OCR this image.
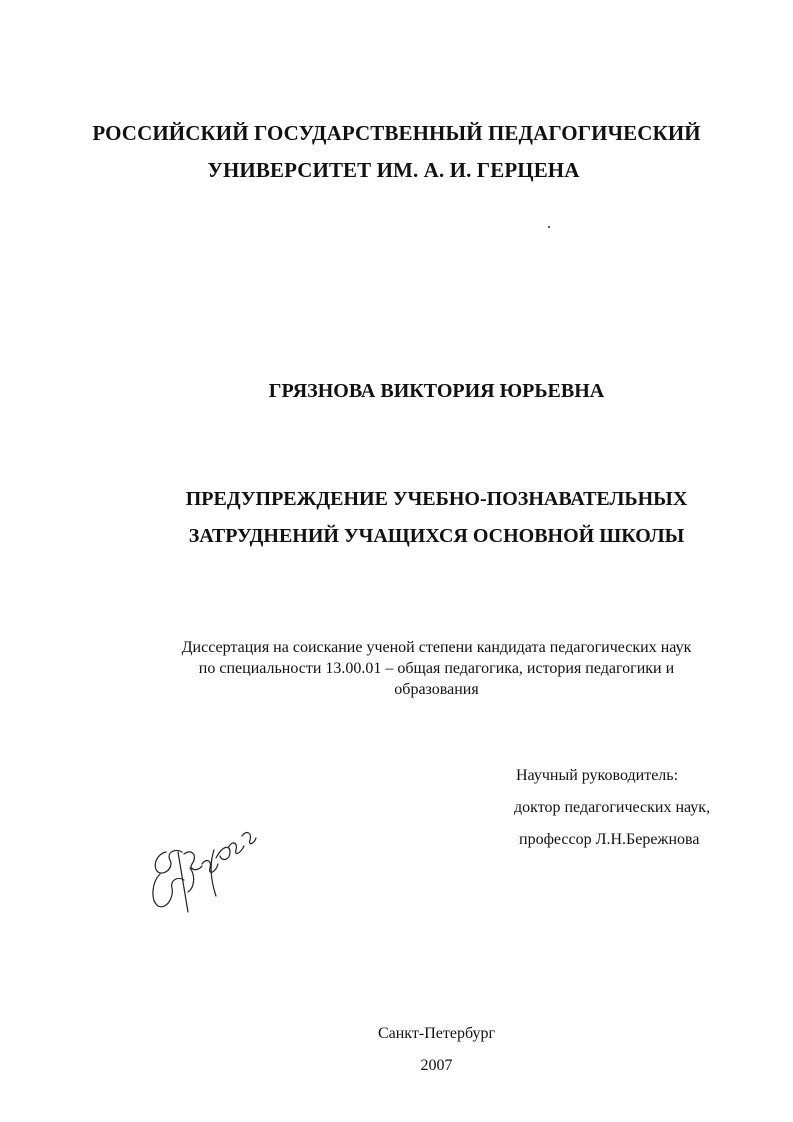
РОССИЙСКИЙ ГОСУДАРСТВЕННЫЙ ПЕДАГОГИЧЕСКИЙ
УНИВЕРСИТЕТ ИМ. А. И. ГЕРЦЕНА
ГРЯЗНОВА ВИКТОРИЯ ЮРЬЕВНА
ПРЕДУПРЕЖДЕНИЕ УЧЕБНО-ПОЗНАВАТЕЛЬНЫХ
ЗАТРУДНЕНИЙ УЧАЩИХСЯ ОСНОВНОЙ ШКОЛЫ
Диссертация на соискание ученой степени кандидата педагогических наук
по специальности 13.00.01 – общая педагогика, история педагогики и
образования
Научный руководитель:
доктор педагогических наук,
профессор Л.Н.Бережнова
Санкт-Петербург
2007
